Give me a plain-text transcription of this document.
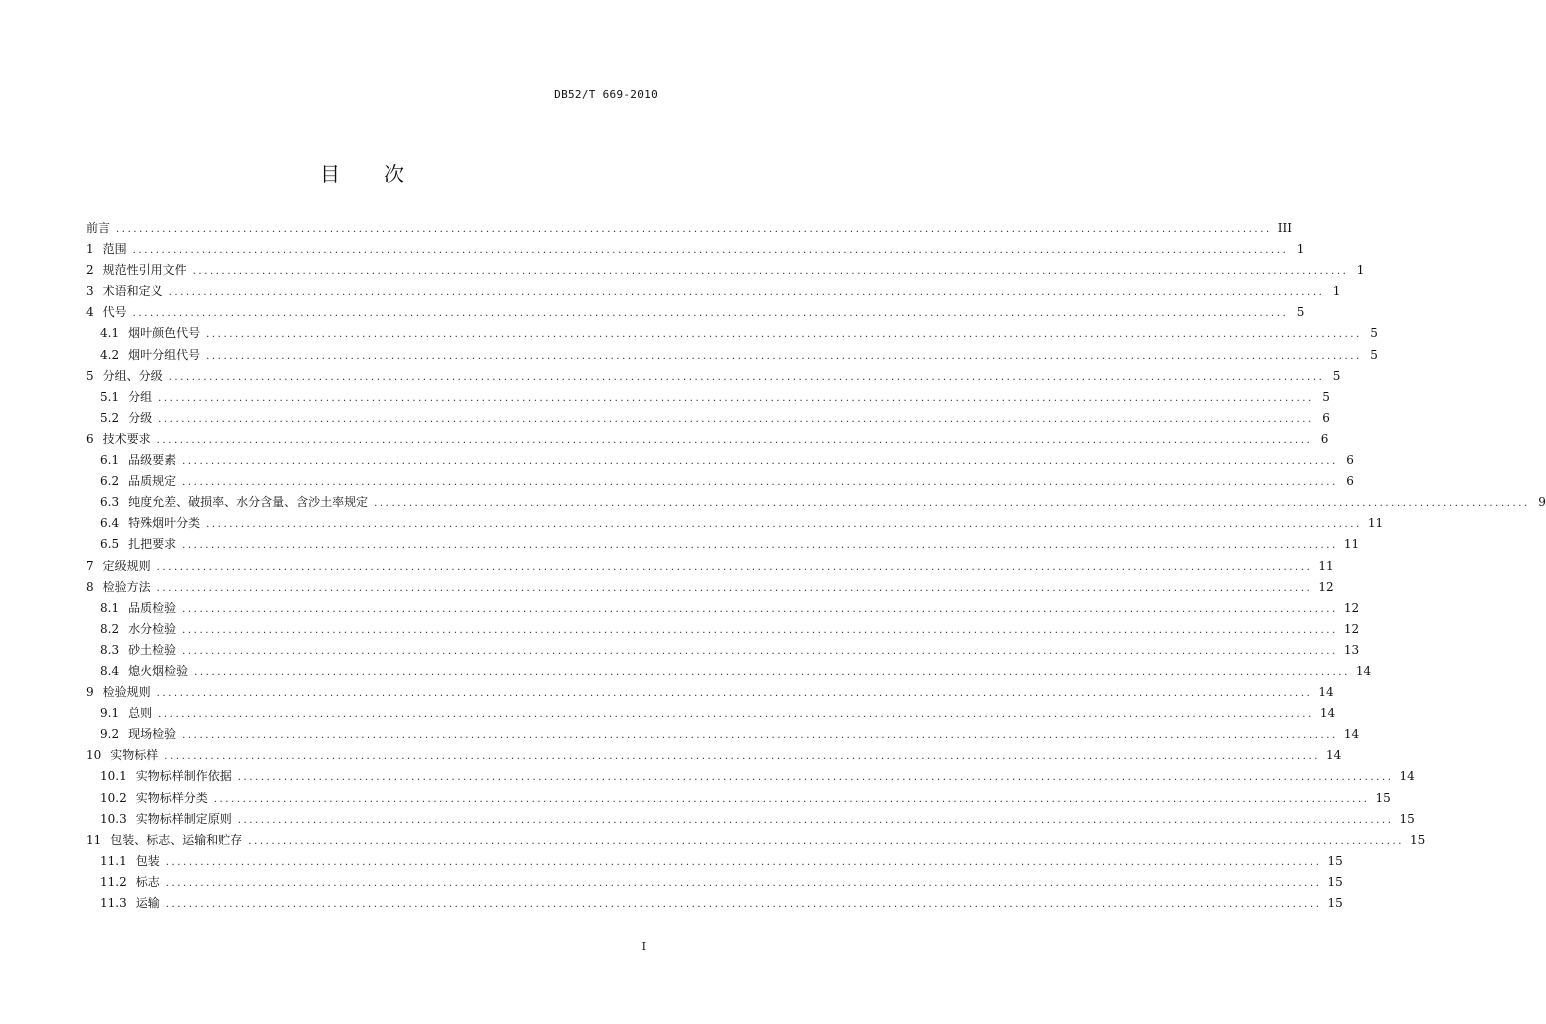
DB52/T 669-2010
目 次
前言 ........................................................................................................................................................................................................ III
1 范围 ........................................................................................................................................................................................................ 1
2 规范性引用文件 ........................................................................................................................................................................................................ 1
3 术语和定义 ........................................................................................................................................................................................................ 1
4 代号 ........................................................................................................................................................................................................ 5
4.1 烟叶颜色代号 ........................................................................................................................................................................................................ 5
4.2 烟叶分组代号 ........................................................................................................................................................................................................ 5
5 分组、分级 ........................................................................................................................................................................................................ 5
5.1 分组 ........................................................................................................................................................................................................ 5
5.2 分级 ........................................................................................................................................................................................................ 6
6 技术要求 ........................................................................................................................................................................................................ 6
6.1 品级要素 ........................................................................................................................................................................................................ 6
6.2 品质规定 ........................................................................................................................................................................................................ 6
6.3 纯度允差、破损率、水分含量、含沙土率规定 ........................................................................................................................................................................................................ 9
6.4 特殊烟叶分类 ........................................................................................................................................................................................................ 11
6.5 扎把要求 ........................................................................................................................................................................................................ 11
7 定级规则 ........................................................................................................................................................................................................ 11
8 检验方法 ........................................................................................................................................................................................................ 12
8.1 品质检验 ........................................................................................................................................................................................................ 12
8.2 水分检验 ........................................................................................................................................................................................................ 12
8.3 砂土检验 ........................................................................................................................................................................................................ 13
8.4 熄火烟检验 ........................................................................................................................................................................................................ 14
9 检验规则 ........................................................................................................................................................................................................ 14
9.1 总则 ........................................................................................................................................................................................................ 14
9.2 现场检验 ........................................................................................................................................................................................................ 14
10 实物标样 ........................................................................................................................................................................................................ 14
10.1 实物标样制作依据 ........................................................................................................................................................................................................ 14
10.2 实物标样分类 ........................................................................................................................................................................................................ 15
10.3 实物标样制定原则 ........................................................................................................................................................................................................ 15
11 包装、标志、运输和贮存 ........................................................................................................................................................................................................ 15
11.1 包装 ........................................................................................................................................................................................................ 15
11.2 标志 ........................................................................................................................................................................................................ 15
11.3 运输 ........................................................................................................................................................................................................ 15
I
